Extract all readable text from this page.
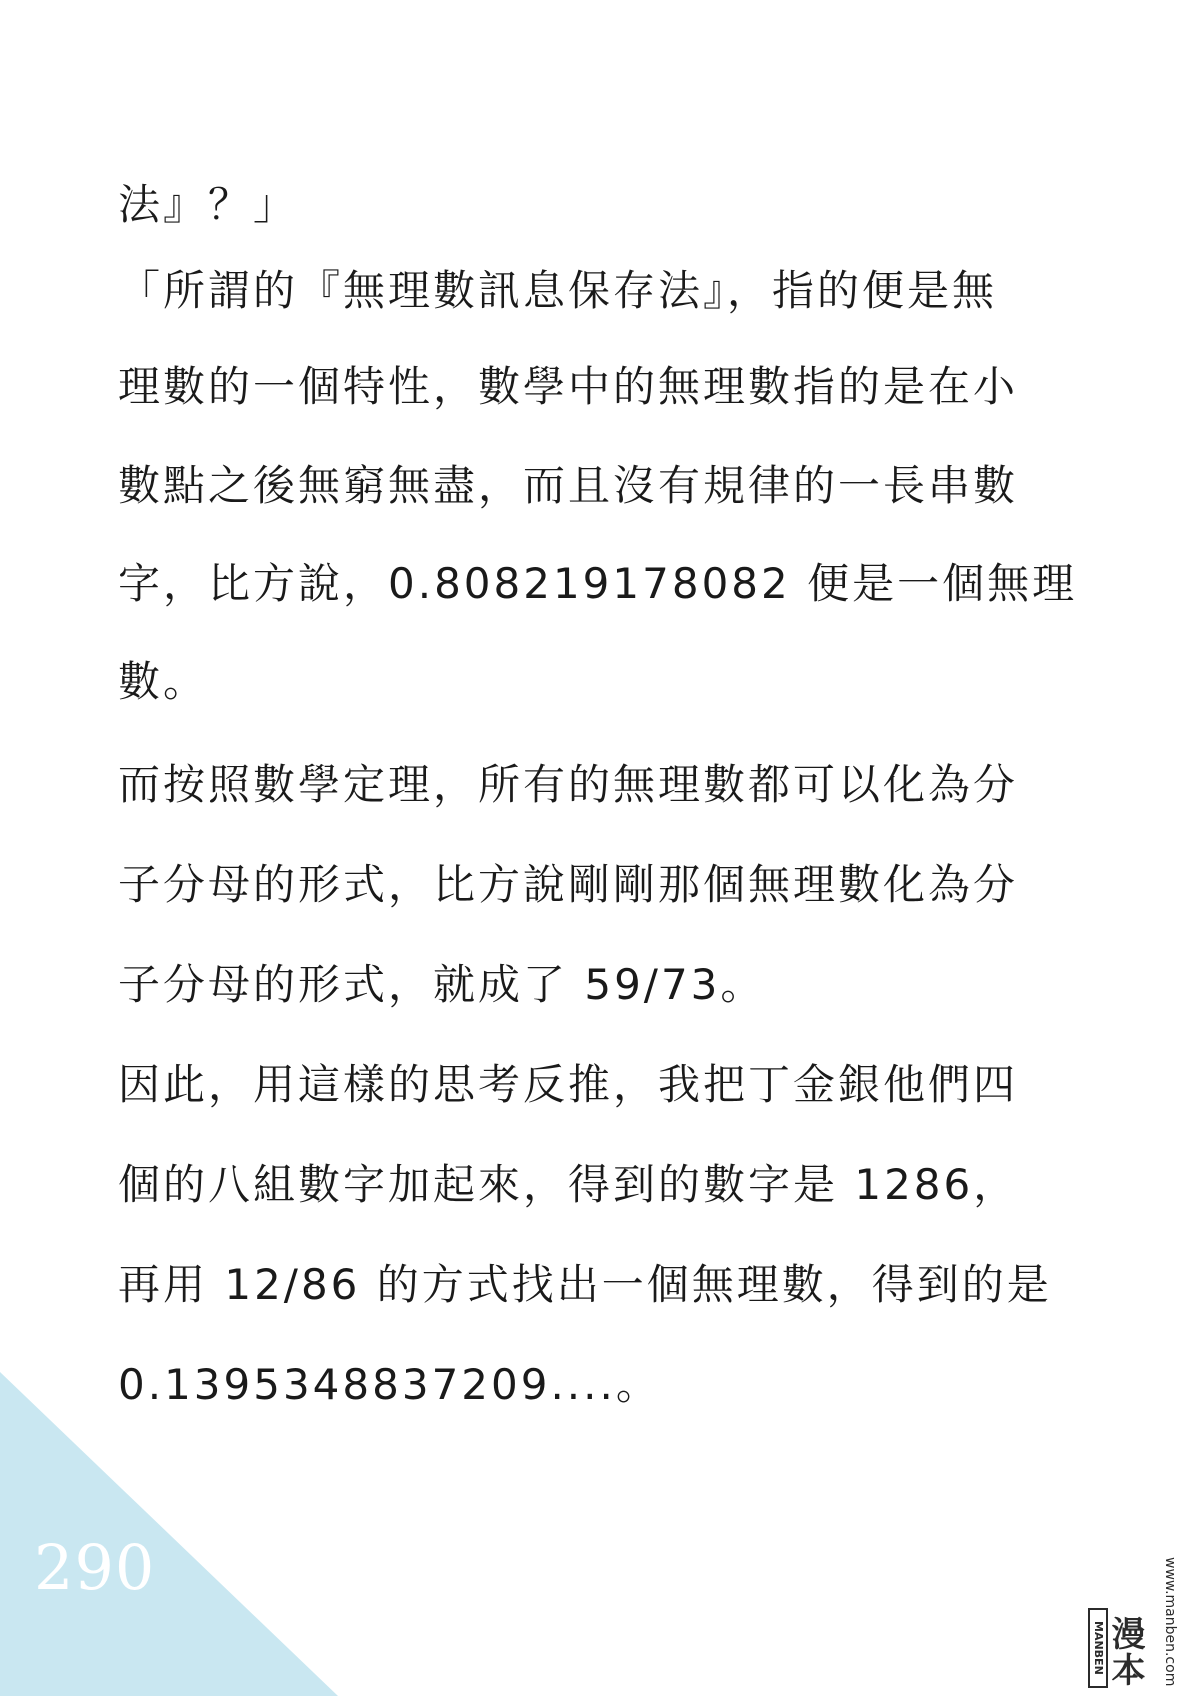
法』？」
「所謂的『無理數訊息保存法』，指的便是無
理數的一個特性，數學中的無理數指的是在小
數點之後無窮無盡，而且沒有規律的一長串數
字，比方說，0.808219178082 便是一個無理
數。
而按照數學定理，所有的無理數都可以化為分
子分母的形式，比方說剛剛那個無理數化為分
子分母的形式，就成了 59/73。
因此，用這樣的思考反推，我把丁金銀他們四
個的八組數字加起來，得到的數字是 1286，
再用 12/86 的方式找出一個無理數，得到的是
0.1395348837209....。
290
MANBEN 漫本	www.manben.com
